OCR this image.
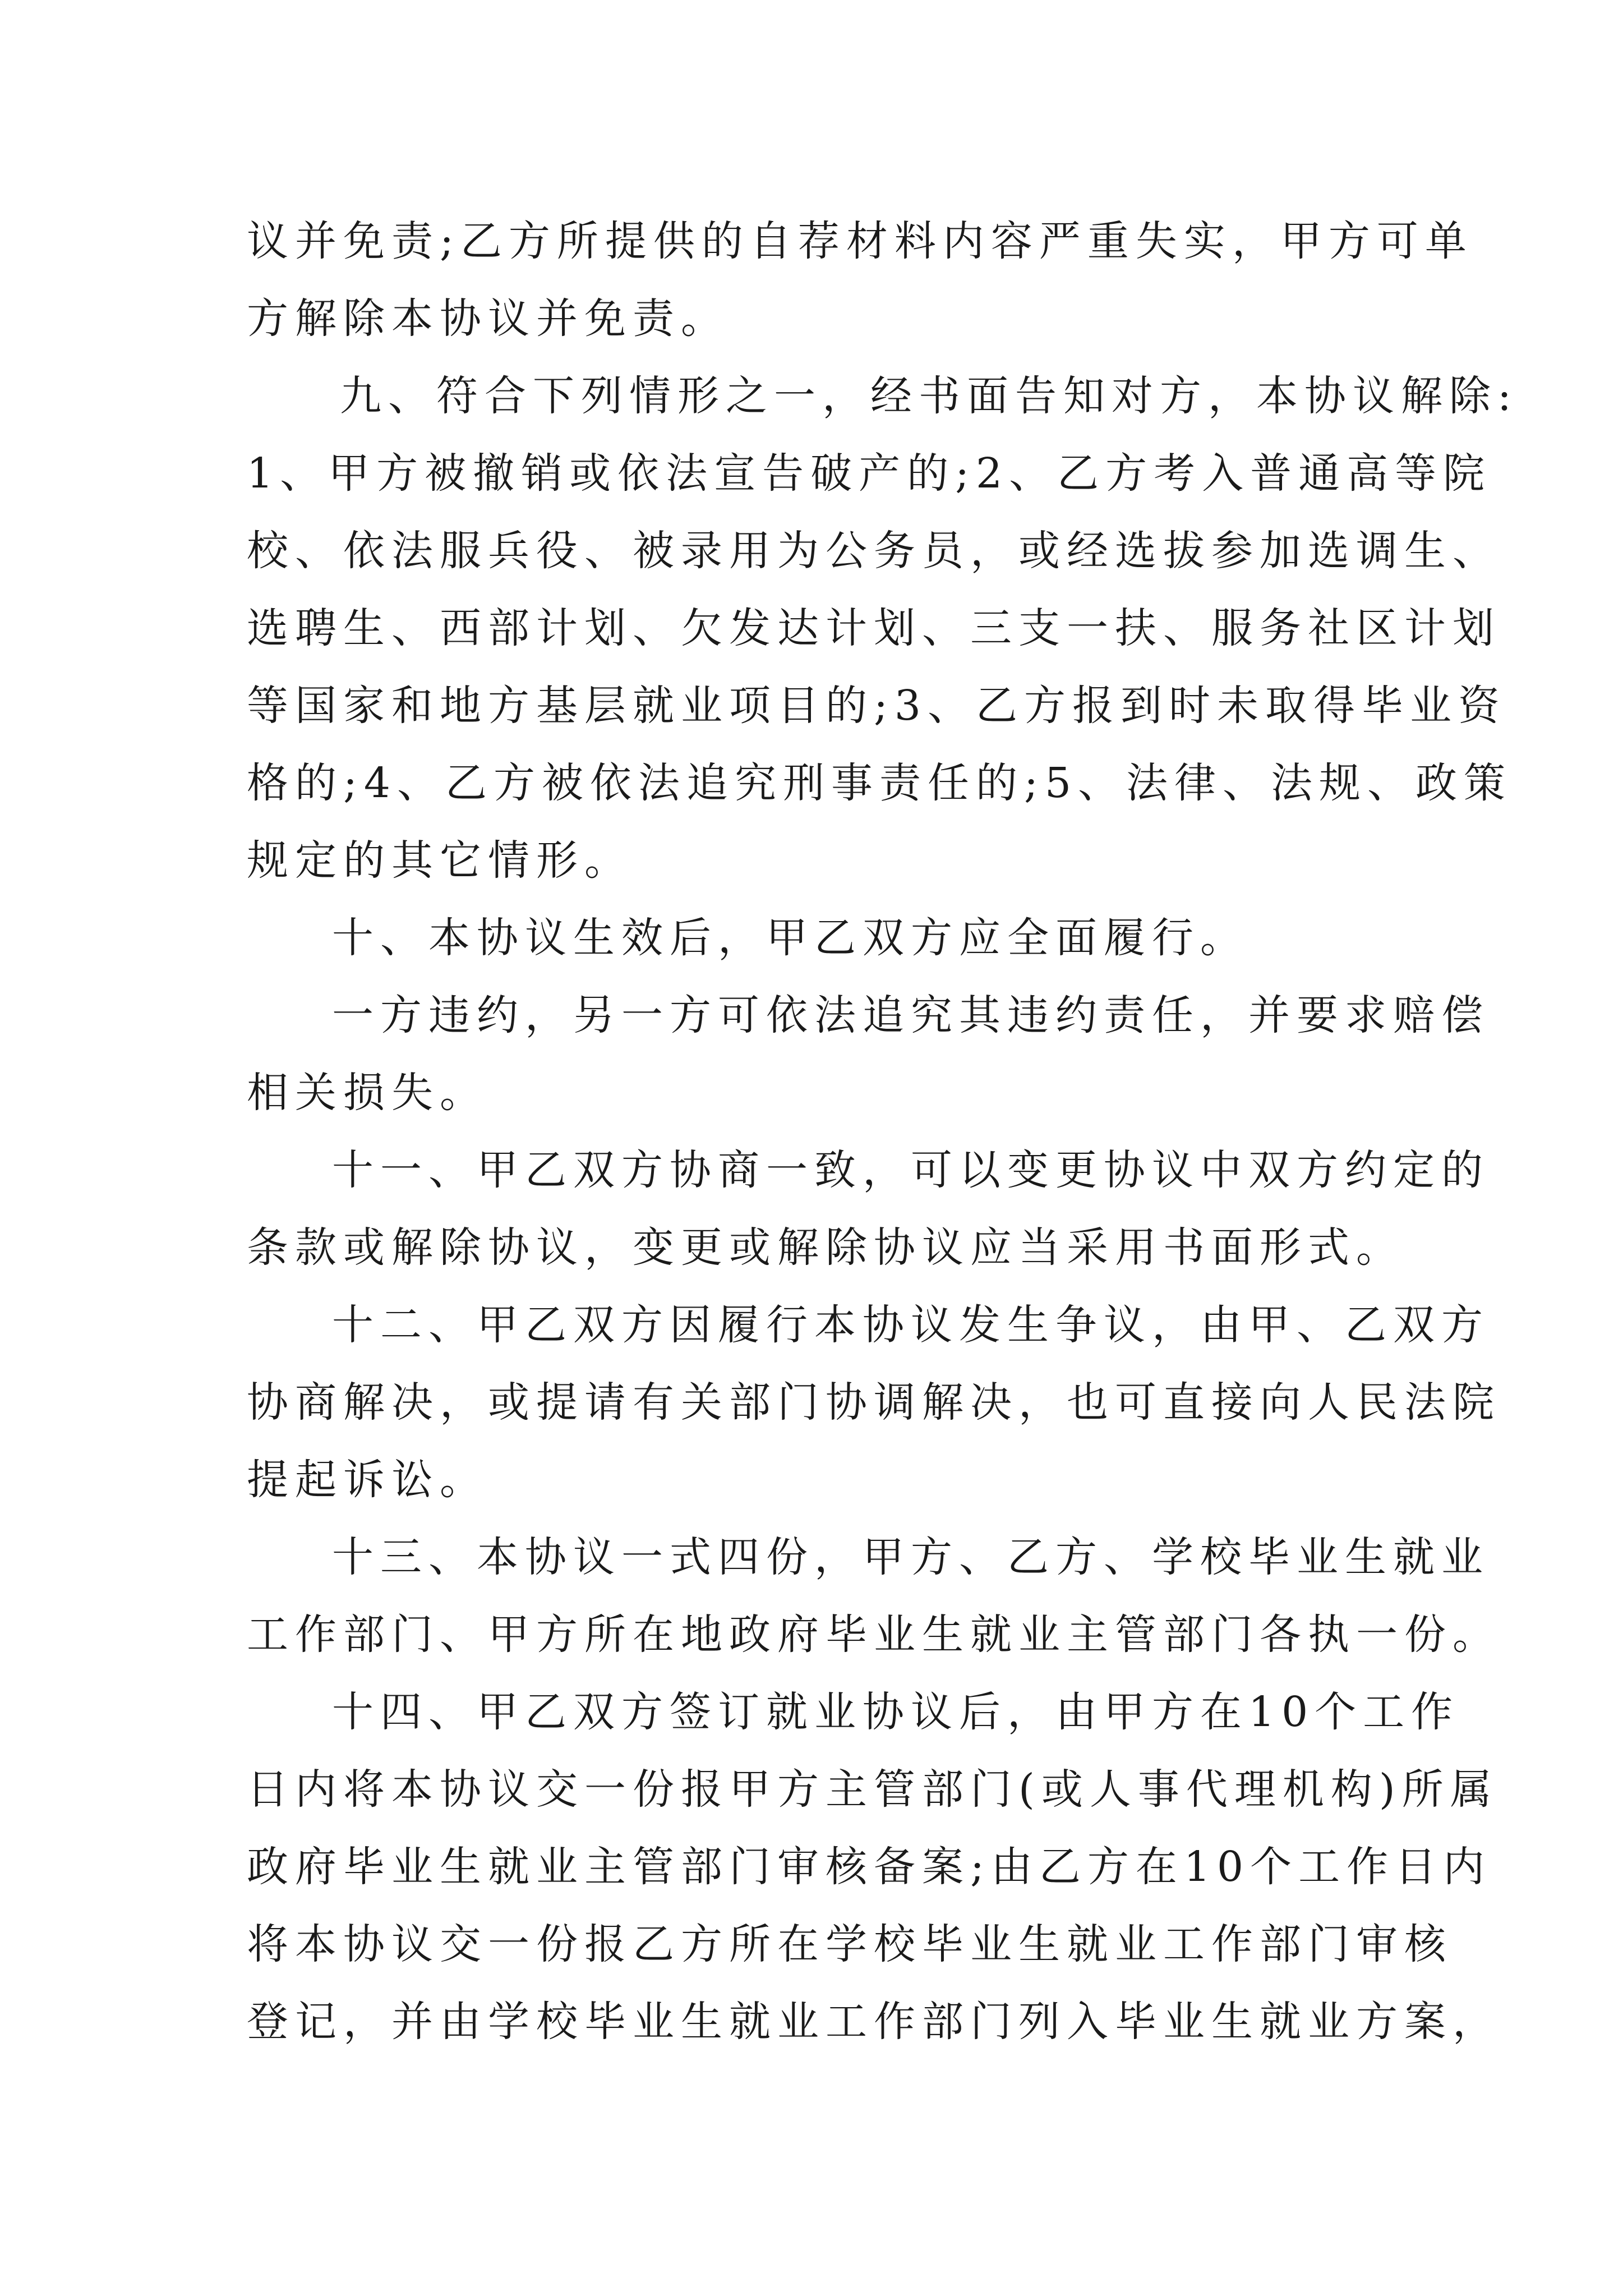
议并免责;乙方所提供的自荐材料内容严重失实，甲方可单

方解除本协议并免责。

九、符合下列情形之一，经书面告知对方，本协议解除:

1、甲方被撤销或依法宣告破产的;2、乙方考入普通高等院

校、依法服兵役、被录用为公务员，或经选拔参加选调生、

选聘生、西部计划、欠发达计划、三支一扶、服务社区计划

等国家和地方基层就业项目的;3、乙方报到时未取得毕业资

格的;4、乙方被依法追究刑事责任的;5、法律、法规、政策

规定的其它情形。

十、本协议生效后，甲乙双方应全面履行。

一方违约，另一方可依法追究其违约责任，并要求赔偿

相关损失。

十一、甲乙双方协商一致，可以变更协议中双方约定的

条款或解除协议，变更或解除协议应当采用书面形式。

十二、甲乙双方因履行本协议发生争议，由甲、乙双方

协商解决，或提请有关部门协调解决，也可直接向人民法院

提起诉讼。

十三、本协议一式四份，甲方、乙方、学校毕业生就业

工作部门、甲方所在地政府毕业生就业主管部门各执一份。

十四、甲乙双方签订就业协议后，由甲方在10个工作

日内将本协议交一份报甲方主管部门(或人事代理机构)所属

政府毕业生就业主管部门审核备案;由乙方在10个工作日内

将本协议交一份报乙方所在学校毕业生就业工作部门审核

登记，并由学校毕业生就业工作部门列入毕业生就业方案，
